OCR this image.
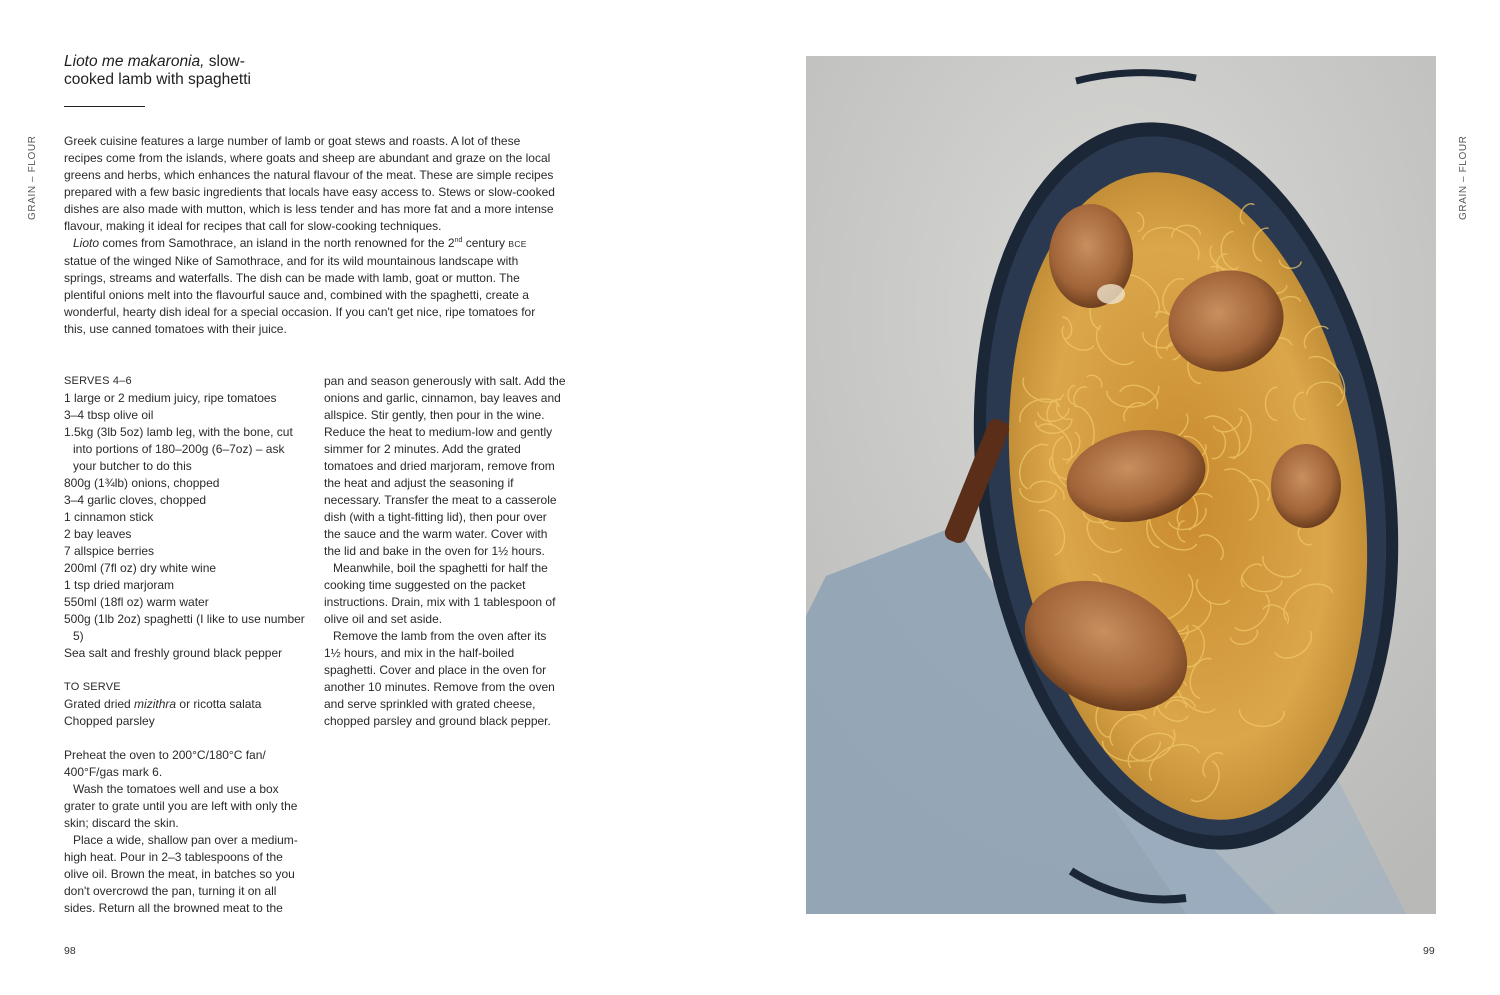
GRAIN – FLOUR	GRAIN – FLOUR
Lioto me makaronia, slow-cooked lamb with spaghetti

Greek cuisine features a large number of lamb or goat stews and roasts. A lot of these recipes come from the islands, where goats and sheep are abundant and graze on the local greens and herbs, which enhances the natural flavour of the meat. These are simple recipes prepared with a few basic ingredients that locals have easy access to. Stews or slow-cooked dishes are also made with mutton, which is less tender and has more fat and a more intense flavour, making it ideal for recipes that call for slow-cooking techniques.

Lioto comes from Samothrace, an island in the north renowned for the 2nd century BCE statue of the winged Nike of Samothrace, and for its wild mountainous landscape with springs, streams and waterfalls. The dish can be made with lamb, goat or mutton. The plentiful onions melt into the flavourful sauce and, combined with the spaghetti, create a wonderful, hearty dish ideal for a special occasion. If you can't get nice, ripe tomatoes for this, use canned tomatoes with their juice.

SERVES 4–6

1 large or 2 medium juicy, ripe tomatoes

3–4 tbsp olive oil

1.5kg (3lb 5oz) lamb leg, with the bone, cut into portions of 180–200g (6–7oz) – ask your butcher to do this

800g (1¾lb) onions, chopped

3–4 garlic cloves, chopped

1 cinnamon stick

2 bay leaves

7 allspice berries

200ml (7fl oz) dry white wine

1 tsp dried marjoram

550ml (18fl oz) warm water

500g (1lb 2oz) spaghetti (I like to use number 5)

Sea salt and freshly ground black pepper

TO SERVE

Grated dried mizithra or ricotta salata

Chopped parsley

Preheat the oven to 200°C/180°C fan/ 400°F/gas mark 6.

Wash the tomatoes well and use a box grater to grate until you are left with only the skin; discard the skin.

Place a wide, shallow pan over a medium-high heat. Pour in 2–3 tablespoons of the olive oil. Brown the meat, in batches so you don't overcrowd the pan, turning it on all sides. Return all the browned meat to the

pan and season generously with salt. Add the onions and garlic, cinnamon, bay leaves and allspice. Stir gently, then pour in the wine. Reduce the heat to medium-low and gently simmer for 2 minutes. Add the grated tomatoes and dried marjoram, remove from the heat and adjust the seasoning if necessary. Transfer the meat to a casserole dish (with a tight-fitting lid), then pour over the sauce and the warm water. Cover with the lid and bake in the oven for 1½ hours.

Meanwhile, boil the spaghetti for half the cooking time suggested on the packet instructions. Drain, mix with 1 tablespoon of olive oil and set aside.

Remove the lamb from the oven after its 1½ hours, and mix in the half-boiled spaghetti. Cover and place in the oven for another 10 minutes. Remove from the oven and serve sprinkled with grated cheese, chopped parsley and ground black pepper.

98	99
